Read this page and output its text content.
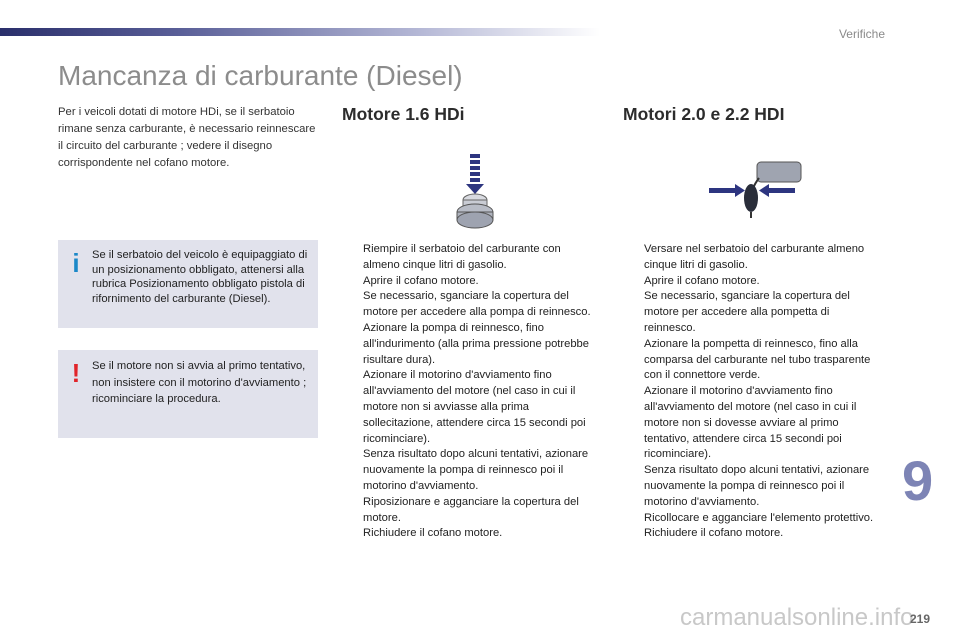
Verifiche
Mancanza di carburante (Diesel)
Per i veicoli dotati di motore HDi, se il serbatoio rimane senza carburante, è necessario reinnescare il circuito del carburante ; vedere il disegno corrispondente nel cofano motore.
i	Se il serbatoio del veicolo è equipaggiato di un posizionamento obbligato, attenersi alla rubrica Posizionamento obbligato pistola di rifornimento del carburante (Diesel).
!	Se il motore non si avvia al primo tentativo, non insistere con il motorino d'avviamento ; ricominciare la procedura.
Motore 1.6 HDi	Motori 2.0 e 2.2 HDI
Riempire il serbatoio del carburante con almeno cinque litri di gasolio.
Aprire il cofano motore.
Se necessario, sganciare la copertura del motore per accedere alla pompa di reinnesco.
Azionare la pompa di reinnesco, fino all'indurimento (alla prima pressione potrebbe risultare dura).
Azionare il motorino d'avviamento fino all'avviamento del motore (nel caso in cui il motore non si avviasse alla prima sollecitazione, attendere circa 15 secondi poi ricominciare).
Senza risultato dopo alcuni tentativi, azionare nuovamente la pompa di reinnesco poi il motorino d'avviamento.
Riposizionare e agganciare la copertura del motore.
Richiudere il cofano motore.
Versare nel serbatoio del carburante almeno cinque litri di gasolio.
Aprire il cofano motore.
Se necessario, sganciare la copertura del motore per accedere alla pompetta di reinnesco.
Azionare la pompetta di reinnesco, fino alla comparsa del carburante nel tubo trasparente con il connettore verde.
Azionare il motorino d'avviamento fino all'avviamento del motore (nel caso in cui il motore non si dovesse avviare al primo tentativo, attendere circa 15 secondi poi ricominciare).
Senza risultato dopo alcuni tentativi, azionare nuovamente la pompa di reinnesco poi il motorino d'avviamento.
Ricollocare e agganciare l'elemento protettivo.
Richiudere il cofano motore.
9
carmanualsonline.info
219
